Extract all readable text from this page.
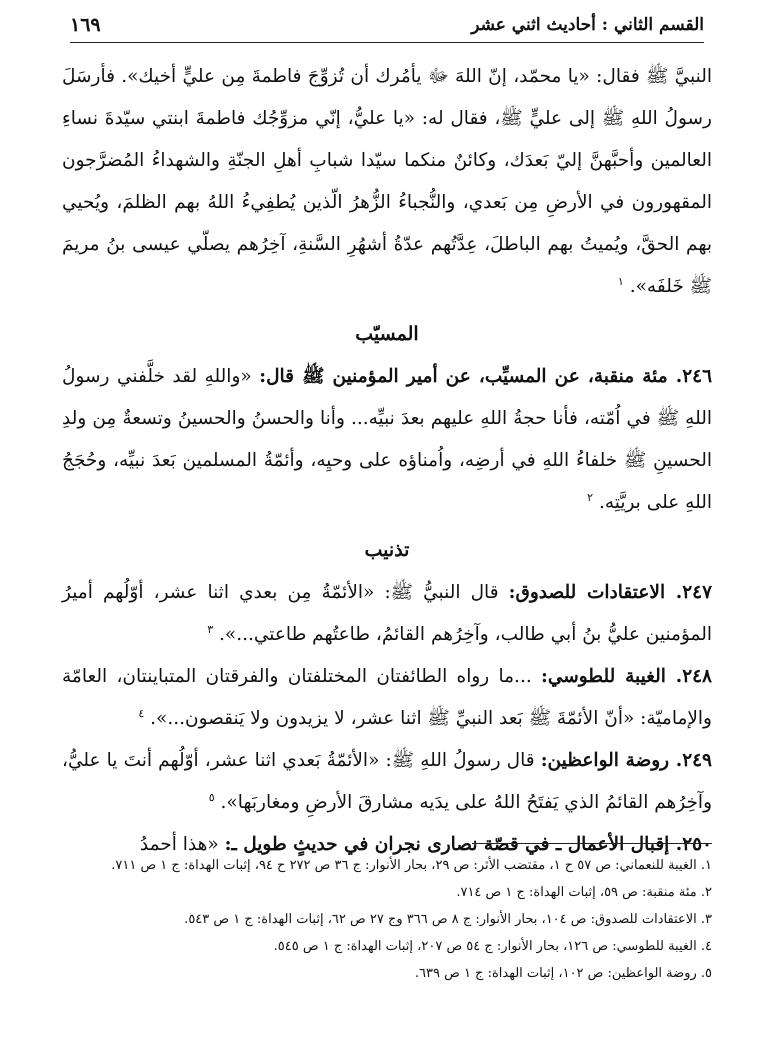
القسم الثاني : أحاديث اثني عشر
١٦٩

النبيَّ ﷺ فقال: «يا محمّد، إنّ اللهَ ﷻ يأمُرك أن تُزوِّجَ فاطمةَ مِن عليٍّ أخيك». فأرسَلَ رسولُ اللهِ ﷺ إلى عليٍّ ﷺ، فقال له: «يا عليُّ، إنّي مزوِّجُك فاطمةَ ابنتي سيّدةَ نساءِ العالمين وأحبَّهنَّ إليّ بَعدَك، وكائنٌ منكما سيّدا شبابِ أهلِ الجنّةِ والشهداءُ المُضرَّجون المقهورون في الأرضِ مِن بَعدي، والنُّجباءُ الزُّهرُ الّذين يُطفِيءُ اللهُ بهم الظلمَ، ويُحيي بهم الحقَّ، ويُميتُ بهم الباطلَ، عِدَّتُهم عدّةُ أشهُرِ السَّنةِ، آخِرُهم يصلّي عيسى بنُ مريمَ ﷺ خَلفَه». $^١$

المسيّب

٢٤٦. مئة منقبة، عن المسيِّب، عن أمير المؤمنين ﷺ قال: «واللهِ لقد خلَّفني رسولُ اللهِ ﷺ في اُمّته، فأنا حجةُ اللهِ عليهم بعدَ نبيِّه... وأنا والحسنُ والحسينُ وتسعةٌ مِن ولدِ الحسينِ ﷺ خلفاءُ اللهِ في أرضِه، واُمناؤه على وحيِه، وأئمّةُ المسلمين بَعدَ نبيِّه، وحُجَجُ اللهِ على بريَّتِه. $^٢$

تذنيب

٢٤٧. الاعتقادات للصدوق: قال النبيُّ ﷺ: «الأئمّةُ مِن بعدي اثنا عشر، أوّلُهم أميرُ المؤمنين عليُّ بنُ أبي طالب، وآخِرُهم القائمُ، طاعتُهم طاعتي...». $^٣$

٢٤٨. الغيبة للطوسي: ...ما رواه الطائفتان المختلفتان والفرقتان المتباينتان، العامّة والإماميّة: «أنّ الأئمّةَ ﷺ بَعد النبيِّ ﷺ اثنا عشر، لا يزيدون ولا يَنقصون...». $^٤$

٢٤٩. روضة الواعظين: قال رسولُ اللهِ ﷺ: «الأئمّةُ بَعدي اثنا عشر، أوّلُهم أنتَ يا عليُّ، وآخِرُهم القائمُ الذي يَفتَحُ اللهُ على يدَيه مشارقَ الأرضِ ومغاربَها». $^٥$

٢٥٠. إقبال الأعمال ـ في قصّة نصارى نجران في حديثٍ طويل ـ: «هذا أحمدُ

١. الغيبة للنعماني: ص ٥٧ ح ١، مقتضب الأثر: ص ٢٩، بحار الأنوار: ج ٣٦ ص ٢٧٢ ح ٩٤، إثبات الهداة: ج ١ ص ٧١١.

٢. مئة منقبة: ص ٥٩، إثبات الهداة: ج ١ ص ٧١٤.

٣. الاعتقادات للصدوق: ص ١٠٤، بحار الأنوار: ج ٨ ص ٣٦٦ وج ٢٧ ص ٦٢، إثبات الهداة: ج ١ ص ٥٤٣.

٤. الغيبة للطوسي: ص ١٢٦، بحار الأنوار: ج ٥٤ ص ٢٠٧، إثبات الهداة: ج ١ ص ٥٤٥.

٥. روضة الواعظين: ص ١٠٢، إثبات الهداة: ج ١ ص ٦٣٩.
